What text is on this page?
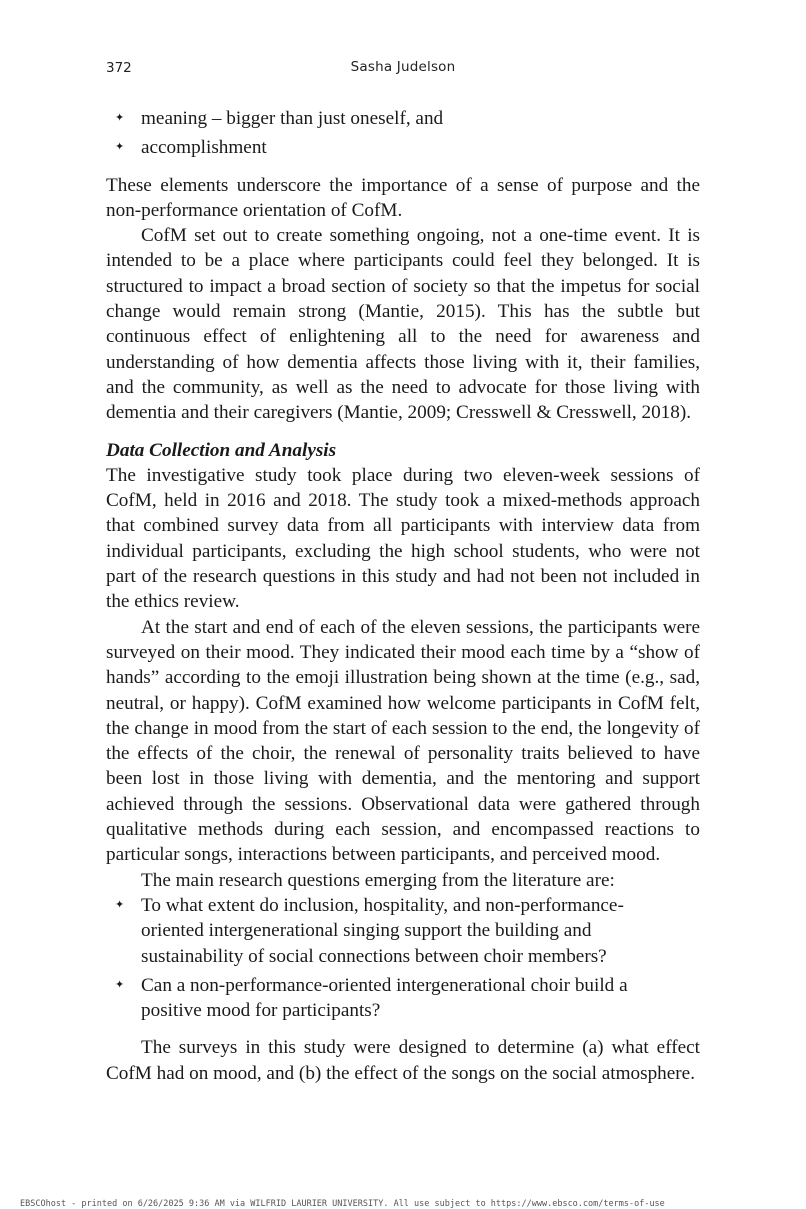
372	Sasha Judelson
✦ meaning – bigger than just oneself, and
✦ accomplishment

These elements underscore the importance of a sense of purpose and the non-performance orientation of CofM.

CofM set out to create something ongoing, not a one-time event. It is intended to be a place where participants could feel they belonged. It is structured to impact a broad section of society so that the impetus for social change would remain strong (Mantie, 2015). This has the subtle but continuous effect of enlightening all to the need for awareness and understanding of how dementia affects those living with it, their families, and the community, as well as the need to advocate for those living with dementia and their caregivers (Mantie, 2009; Cresswell & Cresswell, 2018).

Data Collection and Analysis

The investigative study took place during two eleven-week sessions of CofM, held in 2016 and 2018. The study took a mixed-methods approach that combined survey data from all participants with interview data from individual participants, excluding the high school students, who were not part of the research questions in this study and had not been not included in the ethics review.

At the start and end of each of the eleven sessions, the participants were surveyed on their mood. They indicated their mood each time by a “show of hands” according to the emoji illustration being shown at the time (e.g., sad, neutral, or happy). CofM examined how welcome participants in CofM felt, the change in mood from the start of each session to the end, the longevity of the effects of the choir, the renewal of personality traits believed to have been lost in those living with dementia, and the mentoring and support achieved through the sessions. Observational data were gathered through qualitative methods during each session, and encompassed reactions to particular songs, interactions between participants, and perceived mood.

The main research questions emerging from the literature are:

✦ To what extent do inclusion, hospitality, and non-performance-oriented intergenerational singing support the building and sustainability of social connections between choir members?
✦ Can a non-performance-oriented intergenerational choir build a positive mood for participants?

The surveys in this study were designed to determine (a) what effect CofM had on mood, and (b) the effect of the songs on the social atmosphere.

EBSCOhost - printed on 6/26/2025 9:36 AM via WILFRID LAURIER UNIVERSITY. All use subject to https://www.ebsco.com/terms-of-use
